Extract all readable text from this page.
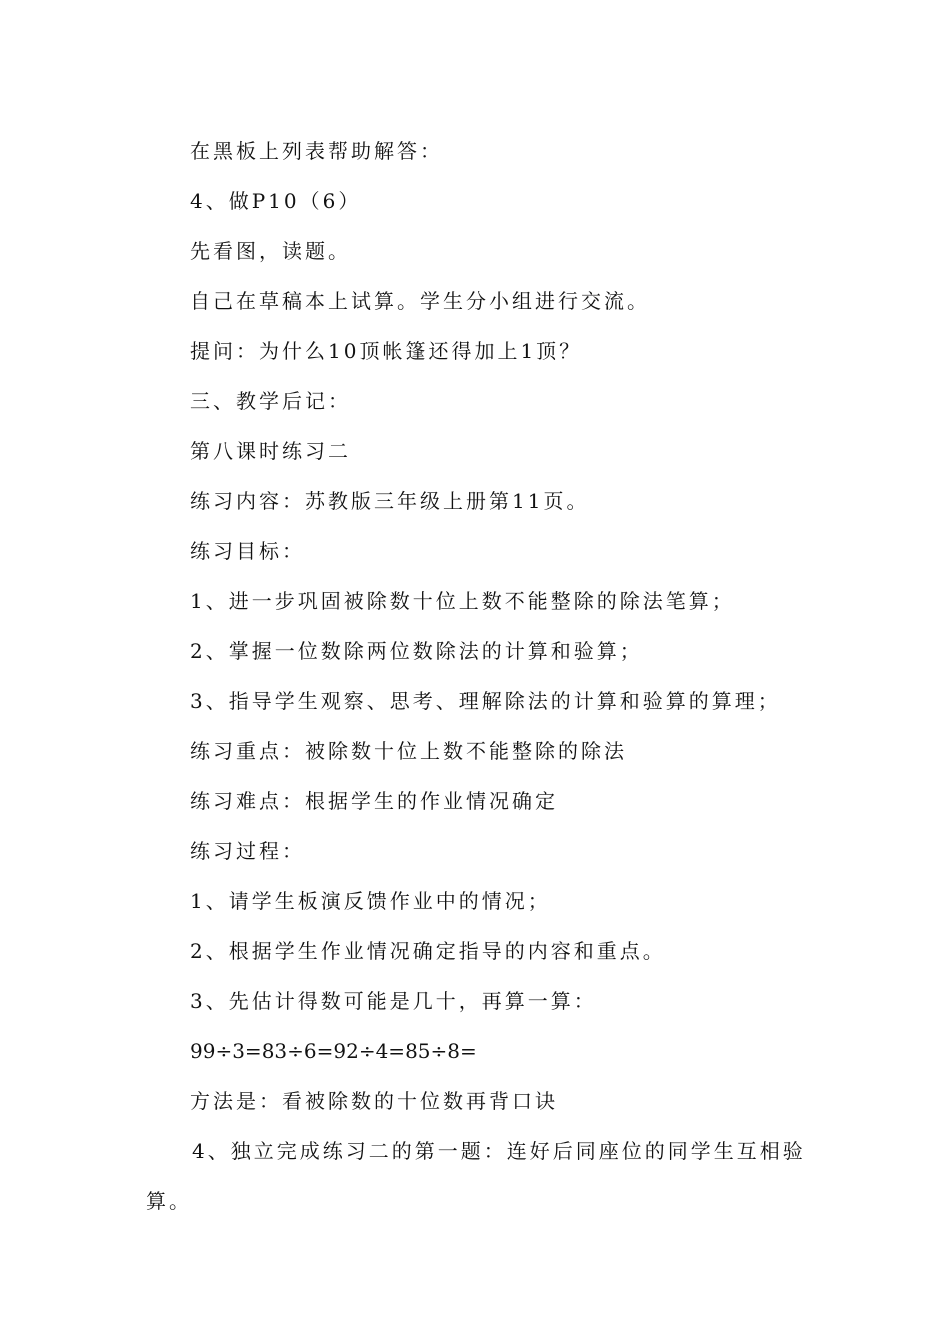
在黑板上列表帮助解答：
4、做P10（6）
先看图，读题。
自己在草稿本上试算。学生分小组进行交流。
提问：为什么10顶帐篷还得加上1顶？
三、教学后记：
第八课时练习二
练习内容：苏教版三年级上册第11页。
练习目标：
1、进一步巩固被除数十位上数不能整除的除法笔算；
2、掌握一位数除两位数除法的计算和验算；
3、指导学生观察、思考、理解除法的计算和验算的算理；
练习重点：被除数十位上数不能整除的除法
练习难点：根据学生的作业情况确定
练习过程：
1、请学生板演反馈作业中的情况；
2、根据学生作业情况确定指导的内容和重点。
3、先估计得数可能是几十，再算一算：
99÷3=83÷6=92÷4=85÷8=
方法是：看被除数的十位数再背口诀
4、独立完成练习二的第一题：连好后同座位的同学生互相验
算。
